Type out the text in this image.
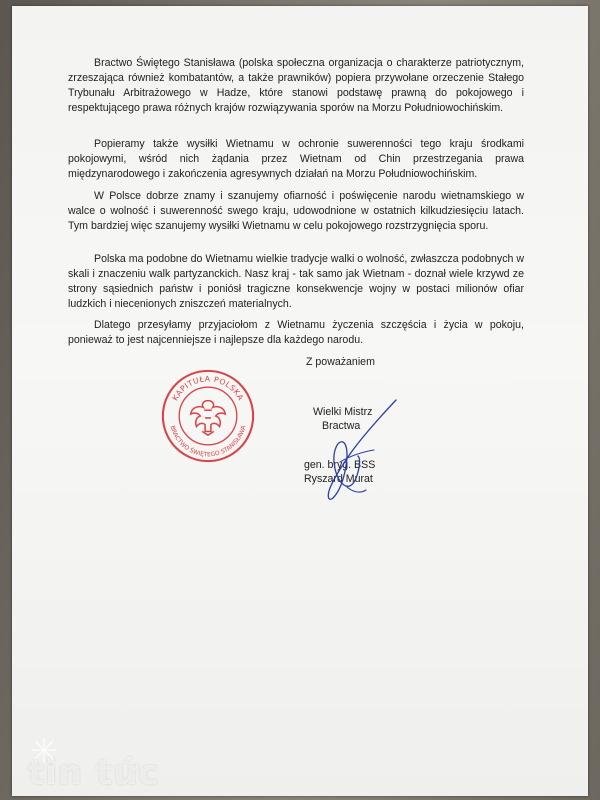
Bractwo Świętego Stanisława (polska społeczna organizacja o charakterze patriotycznym, zrzeszająca również kombatantów, a także prawników) popiera przywołane orzeczenie Stałego Trybunału Arbitrażowego w Hadze, które stanowi podstawę prawną do pokojowego i respektującego prawa różnych krajów rozwiązywania sporów na Morzu Południowochińskim.

Popieramy także wysiłki Wietnamu w ochronie suwerenności tego kraju środkami pokojowymi, wśród nich żądania przez Wietnam od Chin przestrzegania prawa międzynarodowego i zakończenia agresywnych działań na Morzu Południowochińskim.

W Polsce dobrze znamy i szanujemy ofiarność i poświęcenie narodu wietnamskiego w walce o wolność i suwerenność swego kraju, udowodnione w ostatnich kilkudziesięciu latach. Tym bardziej więc szanujemy wysiłki Wietnamu w celu pokojowego rozstrzygnięcia sporu.

Polska ma podobne do Wietnamu wielkie tradycje walki o wolność, zwłaszcza podobnych w skali i znaczeniu walk partyzanckich. Nasz kraj - tak samo jak Wietnam - doznał wiele krzywd ze strony sąsiednich państw i poniósł tragiczne konsekwencje wojny w postaci milionów ofiar ludzkich i niecenionych zniszczeń materialnych.

Dlatego przesyłamy przyjaciołom z Wietnamu życzenia szczęścia i życia w pokoju, ponieważ to jest najcenniejsze i najlepsze dla każdego narodu.

Z poważaniem
KAPITUŁA POLSKA
BRACTWO ŚWIĘTEGO STANISŁAWA
Wielki Mistrz
Bractwa
gen. bryg. BSS
Ryszard Murat
tin tức
